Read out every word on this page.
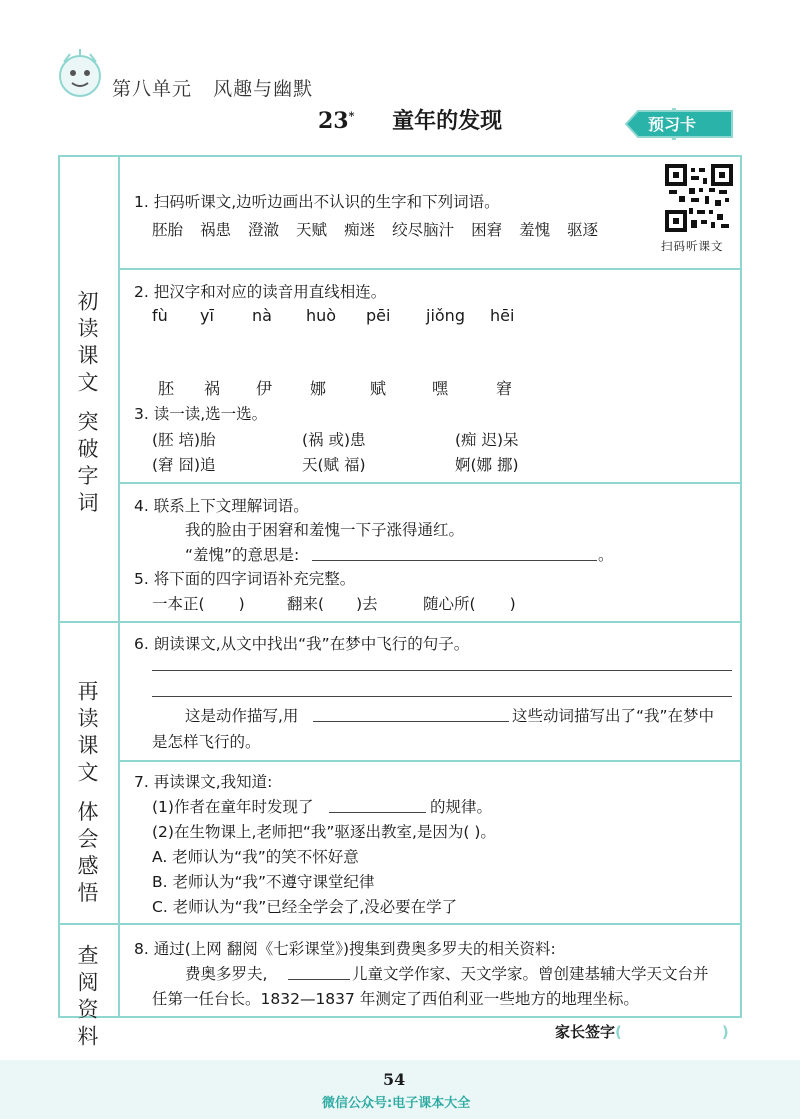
第八单元 风趣与幽默
23* 童年的发现	预习卡
初读课文 突破字词
再读课文 体会感悟
查阅资料
扫码听课文
1. 扫码听课文,边听边画出不认识的生字和下列词语。
胚胎 祸患 澄澈 天赋 痴迷 绞尽脑汁 困窘 羞愧 驱逐
2. 把汉字和对应的读音用直线相连。
fù yī nà huò pēi jiǒng hēi
胚 祸 伊 娜	赋	嘿	窘
3. 读一读,选一选。
(胚 培)胎	(祸 或)患	(痴 迟)呆
(窘 囧)追	天(赋 福)	婀(娜 挪)
4. 联系上下文理解词语。
我的脸由于困窘和羞愧一下子涨得通红。
“羞愧”的意思是:	。
5. 将下面的四字词语补充完整。
一本正( )	翻来( )去	随心所( )
6. 朗读课文,从文中找出“我”在梦中飞行的句子。
这是动作描写,用	这些动词描写出了“我”在梦中
是怎样飞行的。
7. 再读课文,我知道:
(1)作者在童年时发现了	的规律。
(2)在生物课上,老师把“我”驱逐出教室,是因为( )。
A. 老师认为“我”的笑不怀好意
B. 老师认为“我”不遵守课堂纪律
C. 老师认为“我”已经全学会了,没必要在学了
8. 通过(上网 翻阅《七彩课堂》)搜集到费奥多罗夫的相关资料:
费奥多罗夫,	儿童文学作家、天文学家。曾创建基辅大学天文台并
任第一任台长。1832—1837 年测定了西伯利亚一些地方的地理坐标。
家长签字(	)
54
微信公众号:电子课本大全
